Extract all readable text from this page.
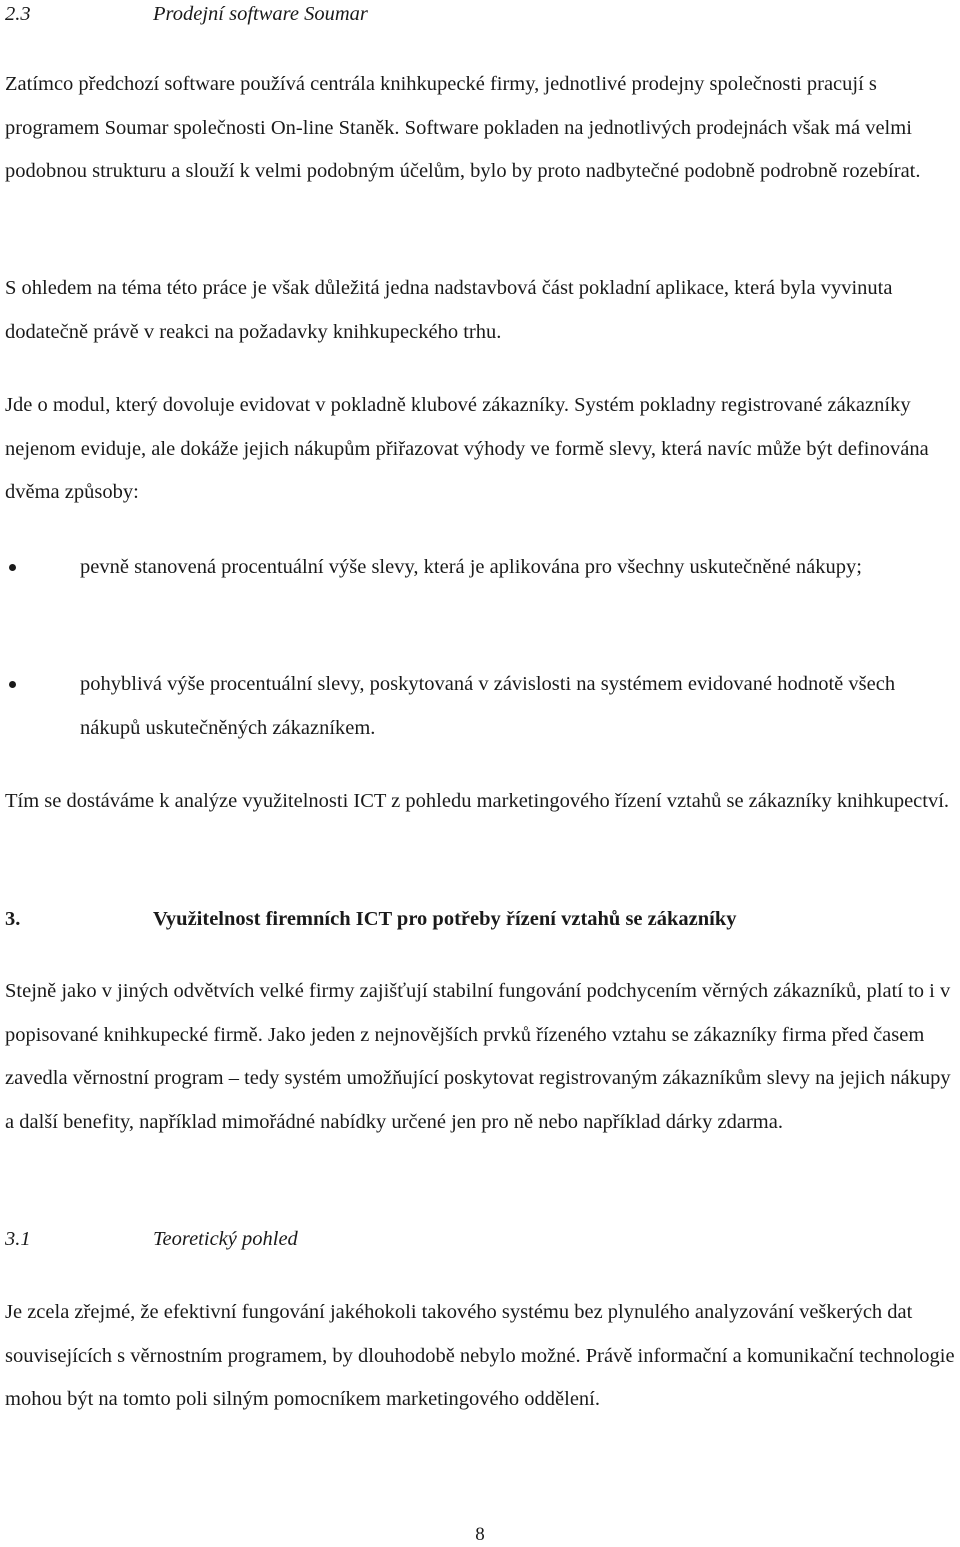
2.3	Prodejní software Soumar

Zatímco předchozí software používá centrála knihkupecké firmy, jednotlivé prodejny společnosti pracují s programem Soumar společnosti On-line Staněk. Software pokladen na jednotlivých prodejnách však má velmi podobnou strukturu a slouží k velmi podobným účelům, bylo by proto nadbytečné podobně podrobně rozebírat.

S ohledem na téma této práce je však důležitá jedna nadstavbová část pokladní aplikace, která byla vyvinuta dodatečně právě v reakci na požadavky knihkupeckého trhu.

Jde o modul, který dovoluje evidovat v pokladně klubové zákazníky. Systém pokladny registrované zákazníky nejenom eviduje, ale dokáže jejich nákupům přiřazovat výhody ve formě slevy, která navíc může být definována dvěma způsoby:

pevně stanovená procentuální výše slevy, která je aplikována pro všechny uskutečněné nákupy;
pohyblivá výše procentuální slevy, poskytovaná v závislosti na systémem evidované hodnotě všech nákupů uskutečněných zákazníkem.

Tím se dostáváme k analýze využitelnosti ICT z pohledu marketingového řízení vztahů se zákazníky knihkupectví.

3.	Využitelnost firemních ICT pro potřeby řízení vztahů se zákazníky

Stejně jako v jiných odvětvích velké firmy zajišťují stabilní fungování podchycením věrných zákazníků, platí to i v popisované knihkupecké firmě. Jako jeden z nejnovějších prvků řízeného vztahu se zákazníky firma před časem zavedla věrnostní program – tedy systém umožňující poskytovat registrovaným zákazníkům slevy na jejich nákupy a další benefity, například mimořádné nabídky určené jen pro ně nebo například dárky zdarma.

3.1	Teoretický pohled

Je zcela zřejmé, že efektivní fungování jakéhokoli takového systému bez plynulého analyzování veškerých dat souvisejících s věrnostním programem, by dlouhodobě nebylo možné. Právě informační a komunikační technologie mohou být na tomto poli silným pomocníkem marketingového oddělení.

8
